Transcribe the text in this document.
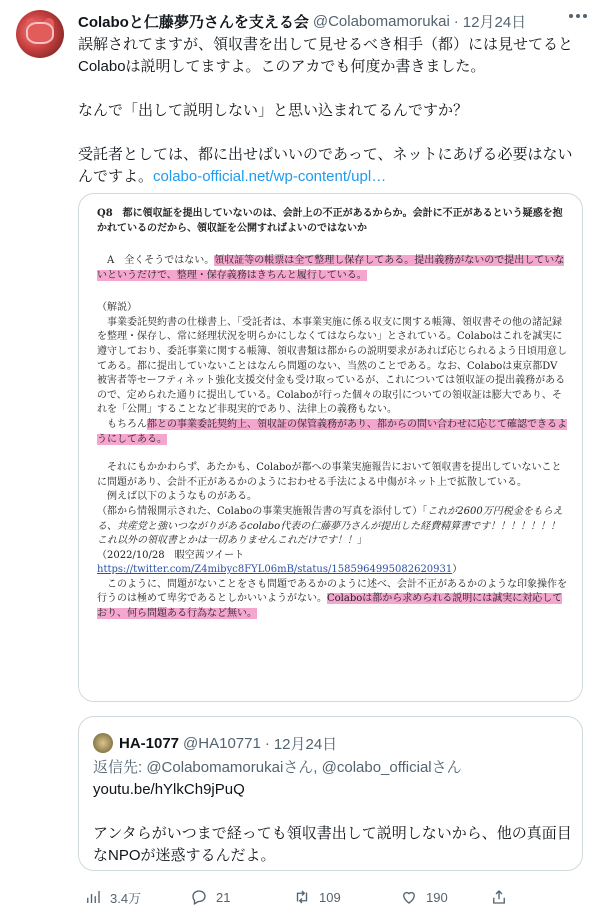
Colaboと仁藤夢乃さんを支える会 @Colabomamorukai · 12月24日

誤解されてますが、領収書を出して見せるべき相手（都）には見せてると

Colaboは説明してますよ。このアカでも何度か書きました。

なんで「出して説明しない」と思い込まれてるんですか？

受託者としては、都に出せばいいのであって、ネットにあげる必要はない

んですよ。colabo-official.net/wp-content/upl…

Q8　都に領収証を提出していないのは、会計上の不正があるからか。会計に不正があるという疑惑を抱かれているのだから、領収証を公開すればよいのではないか
　A　全くそうではない。領収証等の帳票は全て整理し保存してある。提出義務がないので提出していないというだけで、整理・保存義務はきちんと履行している。
（解説）
　事業委託契約書の仕様書上、「受託者は、本事業実施に係る収支に関する帳簿、領収書その他の諸記録を整理・保存し、常に経理状況を明らかにしなくてはならない」とされている。Colaboはこれを誠実に遵守しており、委託事業に関する帳簿、領収書類は都からの説明要求があれば応じられるよう日頃用意してある。都に提出していないことはなんら問題のない、当然のことである。なお、Colaboは東京都DV被害者等セーフティネット強化支援交付金も受け取っているが、これについては領収証の提出義務があるので、定められた通りに提出している。Colaboが行った個々の取引についての領収証は膨大であり、それを「公開」することなど非現実的であり、法律上の義務もない。
　もちろん都との事業委託契約上、領収証の保管義務があり、都からの問い合わせに応じて確認できるようにしてある。
　それにもかかわらず、あたかも、Colaboが都への事業実施報告において領収書を提出していないことに問題があり、会計不正があるかのようにおわせる手法による中傷がネット上で拡散している。
　例えば以下のようなものがある。
（都から情報開示された、Colaboの事業実施報告書の写真を添付して）「これが2600万円税金をもらえる、共産党と強いつながりがあるcolabo代表の仁藤夢乃さんが提出した経費精算書です！！！！！！！これ以外の領収書とかは一切ありませんこれだけです！！」
（2022/10/28　暇空茜ツイート
https://twitter.com/Z4mibyc8FYL06mB/status/1585964995082620931）
　このように、問題がないことをさも問題であるかのように述べ、会計不正があるかのような印象操作を行うのは極めて卑劣であるとしかいいようがない。Colaboは都から求められる説明には誠実に対応しており、何ら問題ある行為など無い。
HA-1077 @HA10771 · 12月24日

返信先: @Colabomamorukaiさん, @colabo_officialさん

youtu.be/hYlkCh9jPuQ

アンタらがいつまで経っても領収書出して説明しないから、他の真面目

なNPOが迷惑するんだよ。

3.4万	21	109	190
